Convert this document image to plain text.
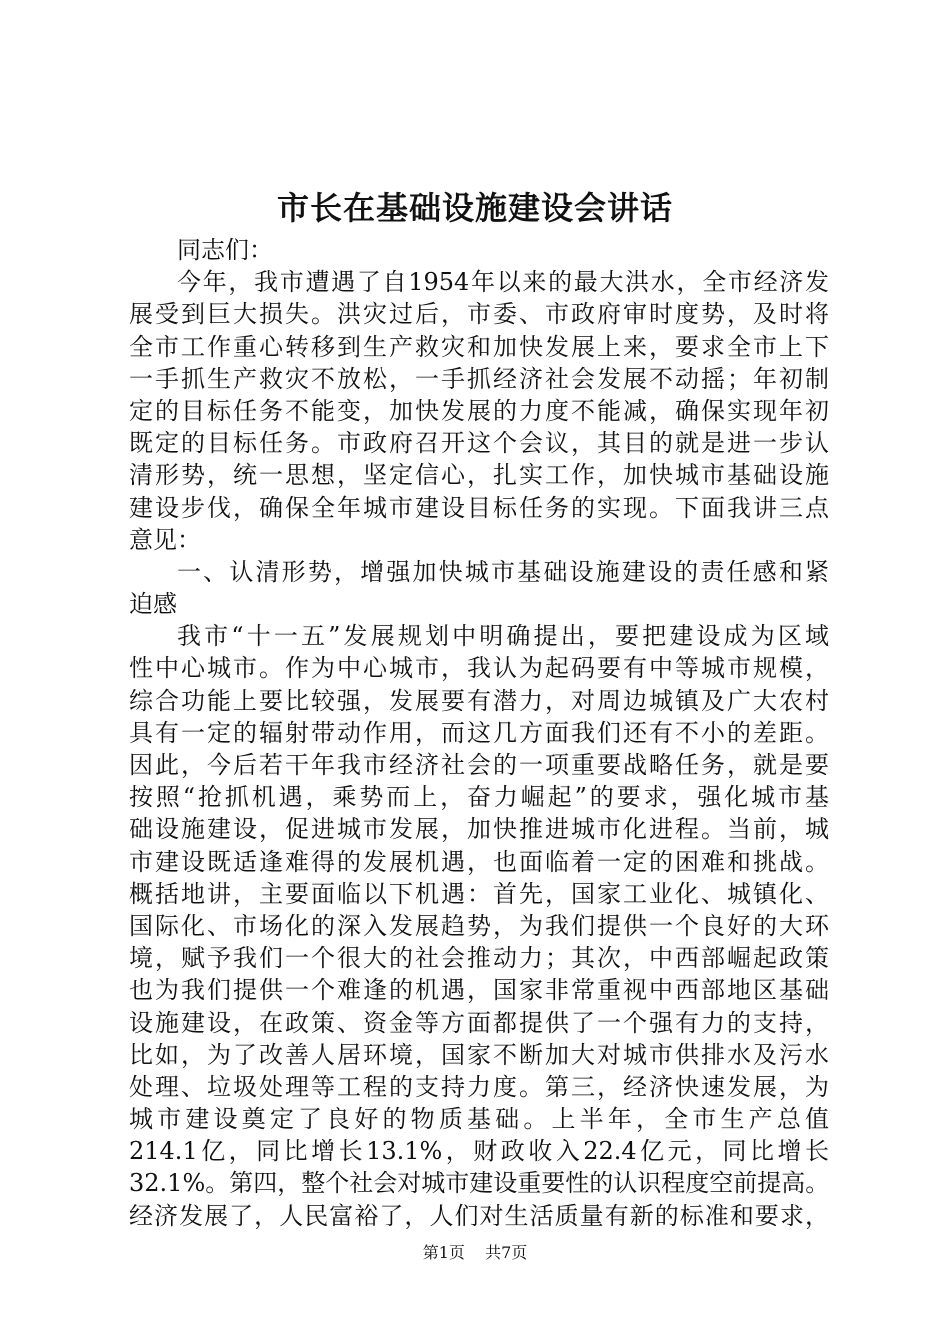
市长在基础设施建设会讲话
同志们：
今年，我市遭遇了自1954年以来的最大洪水，全市经济发
展受到巨大损失。洪灾过后，市委、市政府审时度势，及时将
全市工作重心转移到生产救灾和加快发展上来，要求全市上下
一手抓生产救灾不放松，一手抓经济社会发展不动摇；年初制
定的目标任务不能变，加快发展的力度不能减，确保实现年初
既定的目标任务。市政府召开这个会议，其目的就是进一步认
清形势，统一思想，坚定信心，扎实工作，加快城市基础设施
建设步伐，确保全年城市建设目标任务的实现。下面我讲三点
意见：
一、认清形势，增强加快城市基础设施建设的责任感和紧
迫感
我市“十一五”发展规划中明确提出，要把建设成为区域
性中心城市。作为中心城市，我认为起码要有中等城市规模，
综合功能上要比较强，发展要有潜力，对周边城镇及广大农村
具有一定的辐射带动作用，而这几方面我们还有不小的差距。
因此，今后若干年我市经济社会的一项重要战略任务，就是要
按照“抢抓机遇，乘势而上，奋力崛起”的要求，强化城市基
础设施建设，促进城市发展，加快推进城市化进程。当前，城
市建设既适逢难得的发展机遇，也面临着一定的困难和挑战。
概括地讲，主要面临以下机遇：首先，国家工业化、城镇化、
国际化、市场化的深入发展趋势，为我们提供一个良好的大环
境，赋予我们一个很大的社会推动力；其次，中西部崛起政策
也为我们提供一个难逢的机遇，国家非常重视中西部地区基础
设施建设，在政策、资金等方面都提供了一个强有力的支持，
比如，为了改善人居环境，国家不断加大对城市供排水及污水
处理、垃圾处理等工程的支持力度。第三，经济快速发展，为
城市建设奠定了良好的物质基础。上半年，全市生产总值
214.1亿，同比增长13.1%，财政收入22.4亿元，同比增长
32.1%。第四，整个社会对城市建设重要性的认识程度空前提高。
经济发展了，人民富裕了，人们对生活质量有新的标准和要求，
第1页 共7页
